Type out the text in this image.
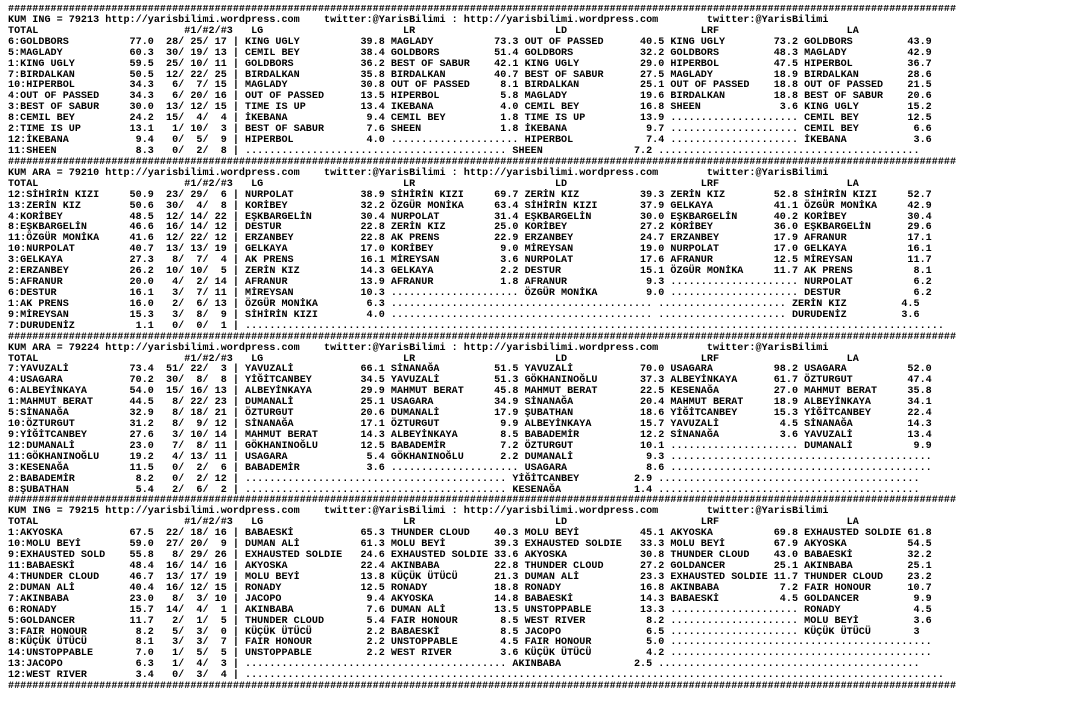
############################################################################################################################################################
KUM ING = 79213 http://yarisbilimi.wordpress.com    twitter:@YarisBilimi : http://yarisbilimi.wordpress.com        twitter:@YarisBilimi
TOTAL                        #1/#2/#3   LG                       LR                       LD                      LRF                     LA
6:GOLDBORS          77.0  28/ 25/ 17 | KING UGLY          39.8 MAGLADY          73.3 OUT OF PASSED      40.5 KING UGLY        73.2 GOLDBORS         43.9
5:MAGLADY           60.3  30/ 19/ 13 | CEMIL BEY          38.4 GOLDBORS         51.4 GOLDBORS           32.2 GOLDBORS         48.3 MAGLADY          42.9
1:KING UGLY         59.5  25/ 10/ 11 | GOLDBORS           36.2 BEST OF SABUR    42.1 KING UGLY          29.0 HIPERBOL         47.5 HIPERBOL         36.7
7:BIRDALKAN         50.5  12/ 22/ 25 | BIRDALKAN          35.8 BIRDALKAN        40.7 BEST OF SABUR      27.5 MAGLADY          18.9 BIRDALKAN        28.6
10:HIPERBOL         34.3   6/  7/ 15 | MAGLADY            30.8 OUT OF PASSED     8.1 BIRDALKAN          25.1 OUT OF PASSED    18.8 OUT OF PASSED    21.5
4:OUT OF PASSED     34.3   6/ 20/ 16 | OUT OF PASSED      13.5 HIPERBOL          5.8 MAGLADY            19.6 BIRDALKAN        18.8 BEST OF SABUR    20.6
3:BEST OF SABUR     30.0  13/ 12/ 15 | TIME IS UP         13.4 IKEBANA           4.0 CEMIL BEY          16.8 SHEEN             3.6 KING UGLY        15.2
8:CEMIL BEY         24.2  15/  4/  4 | İKEBANA             9.4 CEMIL BEY         1.8 TIME IS UP         13.9 ..................... CEMIL BEY        12.5
2:TIME IS UP        13.1   1/ 10/  3 | BEST OF SABUR       7.6 SHEEN             1.8 İKEBANA             9.7 ..................... CEMIL BEY         6.6
12:İKEBANA           9.4   0/  5/  9 | HIPERBOL            4.0 ..................... HIPERBOL            7.4 ..................... İKEBANA           3.6
11:SHEEN             8.3   0/  2/  8 | ........................................... SHEEN               7.2 ...........................................
############################################################################################################################################################
KUM ARA = 79210 http://yarisbilimi.wordpress.com    twitter:@YarisBilimi : http://yarisbilimi.wordpress.com        twitter:@YarisBilimi
TOTAL                        #1/#2/#3   LG                       LR                       LD                      LRF                     LA
12:SİHİRİN KIZI     50.9  23/ 29/  6 | NURPOLAT           38.9 SİHİRİN KIZI     69.7 ZERİN KIZ          39.3 ZERİN KIZ        52.8 SİHİRİN KIZI     52.7
13:ZERİN KIZ        50.6  30/  4/  8 | KORİBEY            32.2 ÖZGÜR MONİKA     63.4 SİHİRİN KIZI       37.9 GELKAYA          41.1 ÖZGÜR MONİKA     42.9
4:KORİBEY           48.5  12/ 14/ 22 | EŞKBARGELİN        30.4 NURPOLAT         31.4 EŞKBARGELİN        30.0 EŞKBARGELİN      40.2 KORİBEY          30.4
8:EŞKBARGELİN       46.6  16/ 14/ 12 | DESTUR             22.8 ZERİN KIZ        25.0 KORİBEY            27.2 KORİBEY          36.0 EŞKBARGELİN      29.6
11:ÖZGÜR MONİKA     41.6  12/ 22/ 12 | ERZANBEY           22.8 AK PRENS         22.9 ERZANBEY           24.7 ERZANBEY         17.9 AFRANUR          17.1
10:NURPOLAT         40.7  13/ 13/ 19 | GELKAYA            17.0 KORİBEY           9.0 MİREYSAN           19.0 NURPOLAT         17.0 GELKAYA          16.1
3:GELKAYA           27.3   8/  7/  4 | AK PRENS           16.1 MİREYSAN          3.6 NURPOLAT           17.6 AFRANUR          12.5 MİREYSAN         11.7
2:ERZANBEY          26.2  10/ 10/  5 | ZERİN KIZ          14.3 GELKAYA           2.2 DESTUR             15.1 ÖZGÜR MONİKA     11.7 AK PRENS          8.1
5:AFRANUR           20.0   4/  2/ 14 | AFRANUR            13.9 AFRANUR           1.8 AFRANUR             9.3 ..................... NURPOLAT          6.2
6:DESTUR            16.1   3/  7/ 11 | MİREYSAN           10.3 ..................... ÖZGÜR MONİKA        9.0 ..................... DESTUR            6.2
1:AK PRENS          16.0   2/  6/ 13 | ÖZGÜR MONİKA        6.3 ........................................... ..................... ZERİN KIZ         4.5
9:MİREYSAN          15.3   3/  8/  9 | SİHİRİN KIZI        4.0 ........................................... ..................... DURUDENİZ         3.6
7:DURUDENİZ          1.1   0/  0/  1 | ...................................................................................................................
############################################################################################################################################################
KUM ARA = 79224 http://yarisbilimi.wordpress.com    twitter:@YarisBilimi : http://yarisbilimi.wordpress.com        twitter:@YarisBilimi
TOTAL                        #1/#2/#3   LG                       LR                       LD                      LRF                     LA
7:YAVUZALİ          73.4  51/ 22/  3 | YAVUZALİ           66.1 SİNANAĞA         51.5 YAVUZALİ           70.0 USAGARA          98.2 USAGARA          52.0
4:USAGARA           70.2  30/  8/  8 | YİĞİTCANBEY        34.5 YAVUZALİ         51.3 GÖKHANINOĞLU       37.3 ALBEYİNKAYA      61.7 ÖZTURGUT         47.4
6:ALBEYİNKAYA       54.0  15/ 16/ 13 | ALBEYİNKAYA        29.9 MAHMUT BERAT     45.8 MAHMUT BERAT       22.5 KESENAĞA         27.0 MAHMUT BERAT     35.8
1:MAHMUT BERAT      44.5   8/ 22/ 23 | DUMANALİ           25.1 USAGARA          34.9 SİNANAĞA           20.4 MAHMUT BERAT     18.9 ALBEYİNKAYA      34.1
5:SİNANAĞA          32.9   8/ 18/ 21 | ÖZTURGUT           20.6 DUMANALİ         17.9 ŞUBATHAN           18.6 YİĞİTCANBEY      15.3 YİĞİTCANBEY      22.4
10:ÖZTURGUT         31.2   8/  9/ 12 | SİNANAĞA           17.1 ÖZTURGUT          9.9 ALBEYİNKAYA        15.7 YAVUZALİ          4.5 SİNANAĞA         14.3
9:YİĞİTCANBEY       27.6   3/ 10/ 14 | MAHMUT BERAT       14.3 ALBEYİNKAYA       8.5 BABADEMİR          12.2 SİNANAĞA          3.6 YAVUZALİ         13.4
12:DUMANALİ         23.0   7/  8/ 11 | GÖKHANINOĞLU       12.5 BABADEMİR         7.2 ÖZTURGUT           10.1 ..................... DUMANALİ          9.9
11:GÖKHANINOĞLU     19.2   4/ 13/ 11 | USAGARA             5.4 GÖKHANINOĞLU      2.2 DUMANALİ            9.3 ...........................................
3:KESENAĞA          11.5   0/  2/  6 | BABADEMİR           3.6 ..................... USAGARA             8.6 ...........................................
2:BABADEMİR          8.2   0/  2/ 12 | ........................................... YİĞİTCANBEY         2.9 ...........................................
8:ŞUBATHAN           5.4   2/  6/  2 | ........................................... KESENAĞA            1.4 ...........................................
############################################################################################################################################################
KUM ING = 79215 http://yarisbilimi.wordpress.com    twitter:@YarisBilimi : http://yarisbilimi.wordpress.com        twitter:@YarisBilimi
TOTAL                        #1/#2/#3   LG                       LR                       LD                      LRF                     LA
1:AKYOSKA           67.5  22/ 18/ 16 | BABAESKİ           65.3 THUNDER CLOUD    40.3 MOLU BEYİ          45.1 AKYOSKA          69.8 EXHAUSTED SOLDIE 61.8
10:MOLU BEYİ        59.0  27/ 20/  9 | DUMAN ALİ          61.3 MOLU BEYİ        39.3 EXHAUSTED SOLDIE   33.3 MOLU BEYİ        67.9 AKYOSKA          54.5
9:EXHAUSTED SOLD    55.8   8/ 29/ 26 | EXHAUSTED SOLDIE   24.6 EXHAUSTED SOLDIE 33.6 AKYOSKA            30.8 THUNDER CLOUD    43.0 BABAESKİ         32.2
11:BABAESKİ         48.4  16/ 14/ 16 | AKYOSKA            22.4 AKINBABA         22.8 THUNDER CLOUD      27.2 GOLDANCER        25.1 AKINBABA         25.1
4:THUNDER CLOUD     46.7  13/ 17/ 19 | MOLU BEYİ          13.8 KÜÇÜK ÜTÜCÜ      21.3 DUMAN ALİ          23.3 EXHAUSTED SOLDIE 11.7 THUNDER CLOUD    23.2
2:DUMAN ALİ         40.4  16/ 12/ 15 | RONADY             12.5 RONADY           18.8 RONADY             16.8 AKINBABA          7.2 FAIR HONOUR      10.7
7:AKINBABA          23.0   8/  3/ 10 | JACOPO              9.4 AKYOSKA          14.8 BABAESKİ           14.3 BABAESKİ          4.5 GOLDANCER         9.9
6:RONADY            15.7  14/  4/  1 | AKINBABA            7.6 DUMAN ALİ        13.5 UNSTOPPABLE        13.3 ..................... RONADY            4.5
5:GOLDANCER         11.7   2/  1/  5 | THUNDER CLOUD       5.4 FAIR HONOUR       8.5 WEST RIVER          8.2 ..................... MOLU BEYİ         3.6
3:FAIR HONOUR        8.2   5/  3/  0 | KÜÇÜK ÜTÜCÜ         2.2 BABAESKİ          8.5 JACOPO              6.5 ..................... KÜÇÜK ÜTÜCÜ       3
8:KÜÇÜK ÜTÜCÜ        8.1   3/  3/  7 | FAIR HONOUR         2.2 UNSTOPPABLE       4.5 FAIR HONOUR         5.0 ...........................................
14:UNSTOPPABLE       7.0   1/  5/  5 | UNSTOPPABLE         2.2 WEST RIVER        3.6 KÜÇÜK ÜTÜCÜ         4.2 ...........................................
13:JACOPO            6.3   1/  4/  3 | ........................................... AKINBABA            2.5 ...........................................
12:WEST RIVER        3.4   0/  3/  4 | ...................................................................................................................
############################################################################################################################################################
